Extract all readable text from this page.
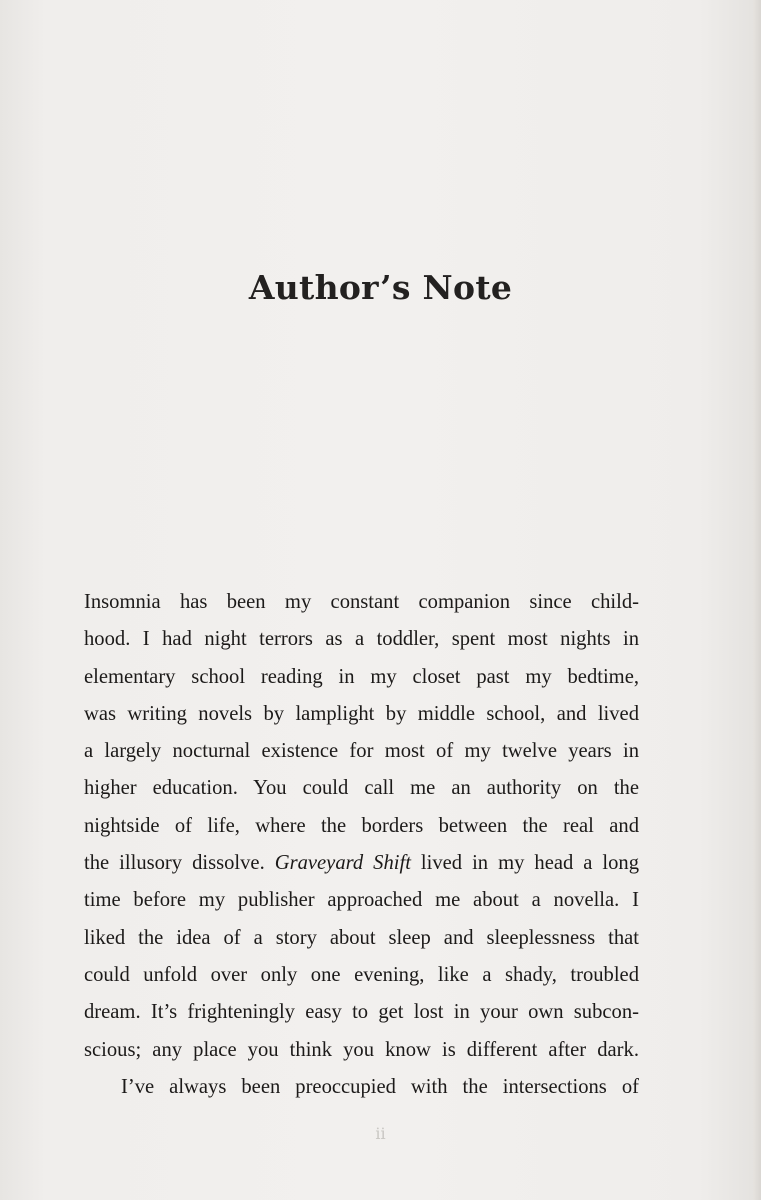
Author’s Note
Insomnia has been my constant companion since child-
hood. I had night terrors as a toddler, spent most nights in
elementary school reading in my closet past my bedtime,
was writing novels by lamplight by middle school, and lived
a largely nocturnal existence for most of my twelve years in
higher education. You could call me an authority on the
nightside of life, where the borders between the real and
the illusory dissolve. Graveyard Shift lived in my head a long
time before my publisher approached me about a novella. I
liked the idea of a story about sleep and sleeplessness that
could unfold over only one evening, like a shady, troubled
dream. It’s frighteningly easy to get lost in your own subcon-
scious; any place you think you know is different after dark.
I’ve always been preoccupied with the intersections of
ii
